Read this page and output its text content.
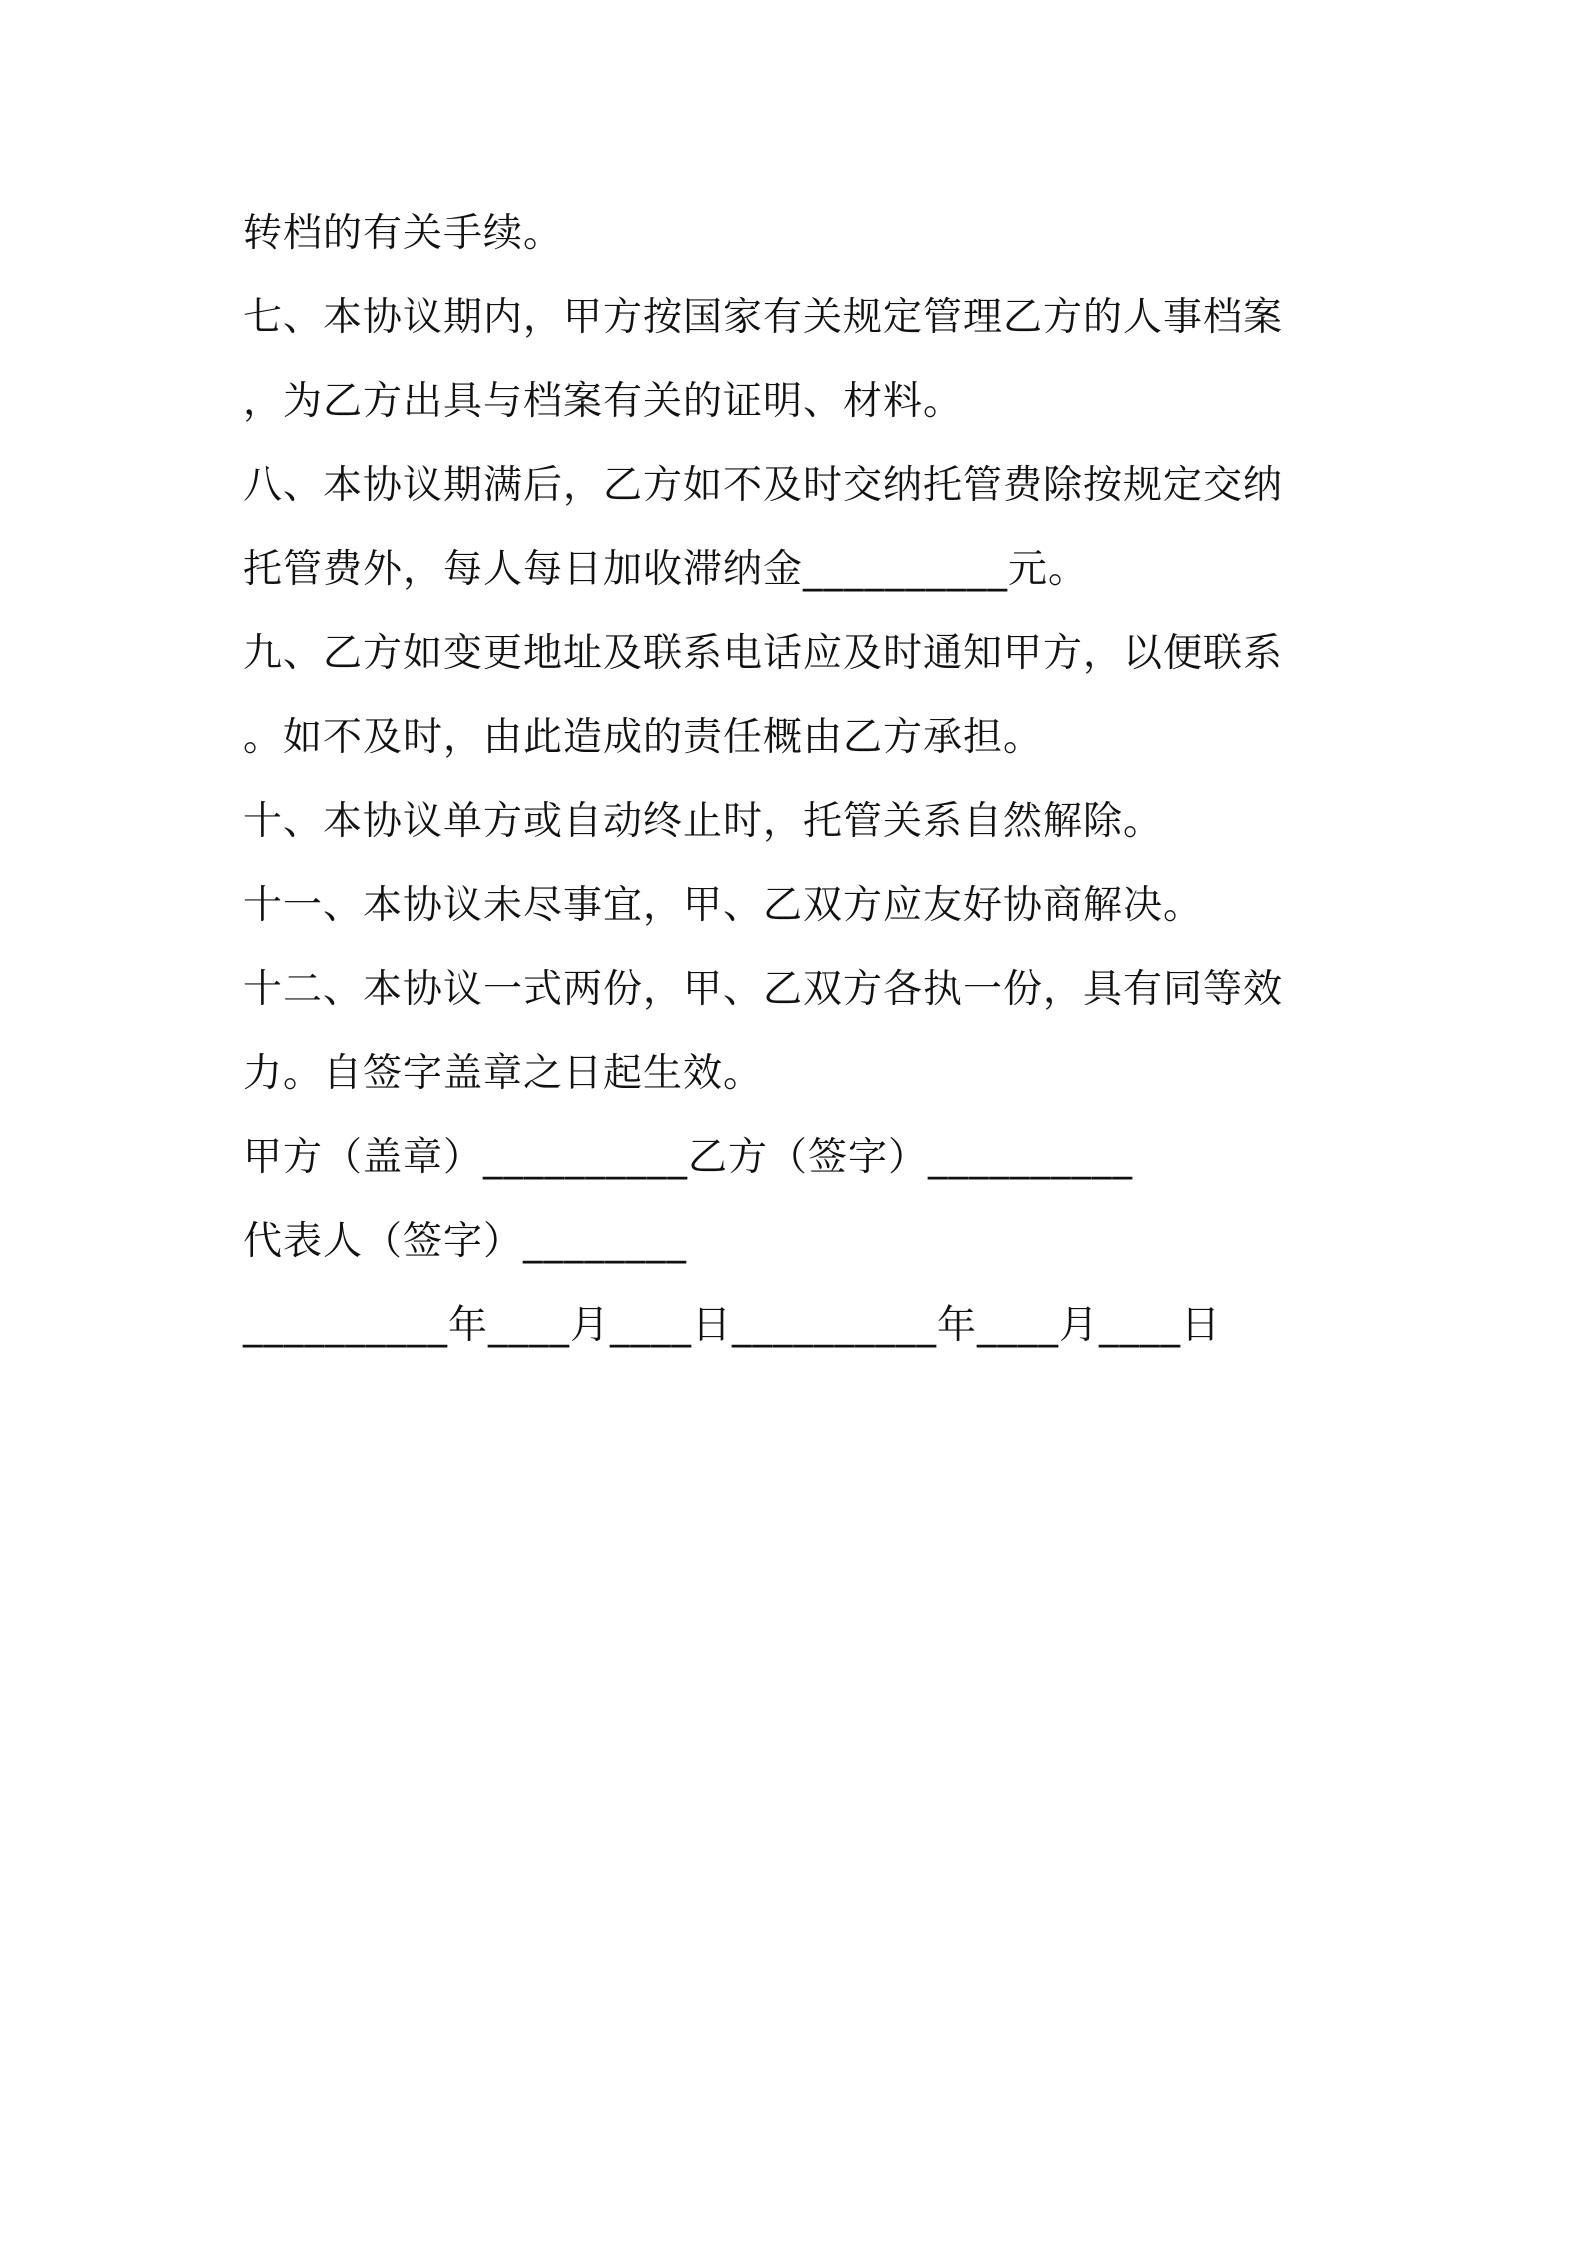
转档的有关手续。
七、本协议期内，甲方按国家有关规定管理乙方的人事档案
，为乙方出具与档案有关的证明、材料。
八、本协议期满后，乙方如不及时交纳托管费除按规定交纳
托管费外，每人每日加收滞纳金__________元。
九、乙方如变更地址及联系电话应及时通知甲方，以便联系
。如不及时，由此造成的责任概由乙方承担。
十、本协议单方或自动终止时，托管关系自然解除。
十一、本协议未尽事宜，甲、乙双方应友好协商解决。
十二、本协议一式两份，甲、乙双方各执一份，具有同等效
力。自签字盖章之日起生效。
甲方（盖章）__________乙方（签字）__________
代表人（签字）________
__________年____月____日__________年____月____日
